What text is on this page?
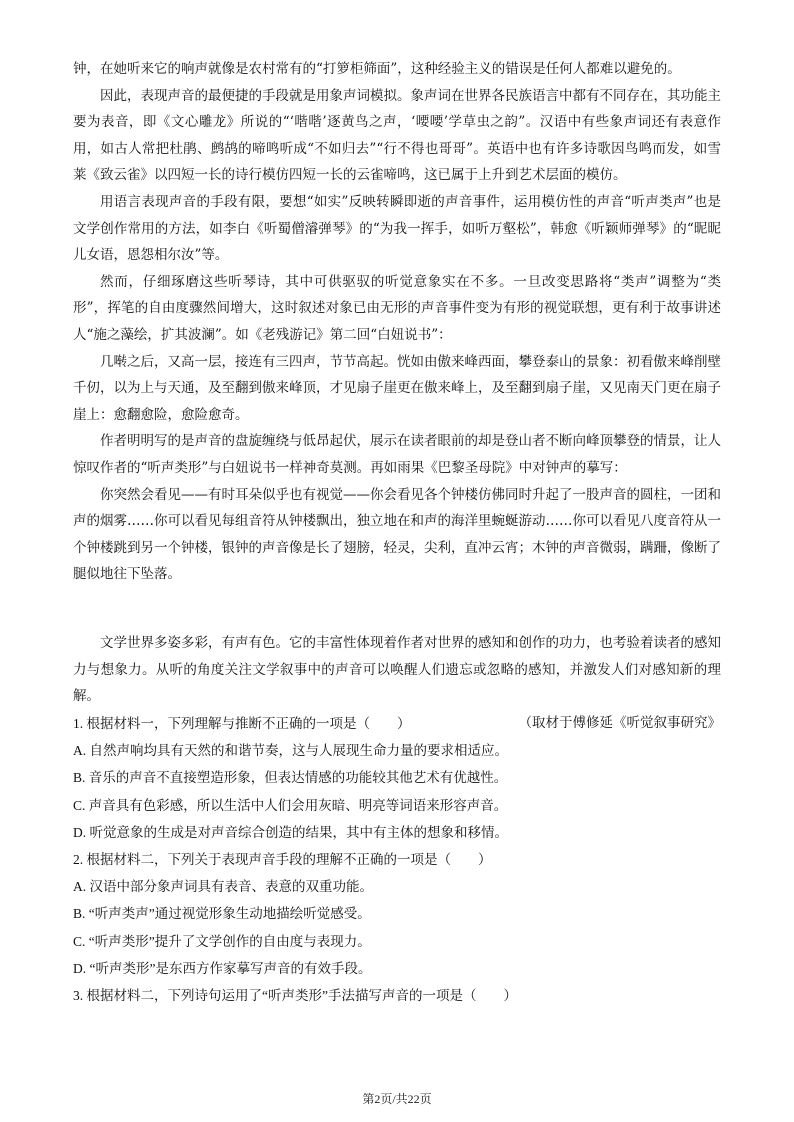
钟，在她听来它的响声就像是农村常有的“打箩柜筛面”，这种经验主义的错误是任何人都难以避免的。

因此，表现声音的最便捷的手段就是用象声词模拟。象声词在世界各民族语言中都有不同存在，其功能主要为表音，即《文心雕龙》所说的“‘喈喈’逐黄鸟之声，‘喓喓’学草虫之韵”。汉语中有些象声词还有表意作用，如古人常把杜鹃、鹧鸪的啼鸣听成“不如归去”“行不得也哥哥”。英语中也有许多诗歌因鸟鸣而发，如雪莱《致云雀》以四短一长的诗行模仿四短一长的云雀啼鸣，这已属于上升到艺术层面的模仿。

用语言表现声音的手段有限，要想“如实”反映转瞬即逝的声音事件，运用模仿性的声音“听声类声”也是文学创作常用的方法，如李白《听蜀僧濬弹琴》的“为我一挥手，如听万壑松”，韩愈《听颖师弹琴》的“昵昵儿女语，恩怨相尔汝”等。

然而，仔细琢磨这些听琴诗，其中可供驱驭的听觉意象实在不多。一旦改变思路将“类声”调整为“类形”，挥笔的自由度骤然间增大，这时叙述对象已由无形的声音事件变为有形的视觉联想，更有利于故事讲述人“施之藻绘，扩其波澜”。如《老残游记》第二回“白妞说书”：

几啭之后，又高一层，接连有三四声，节节高起。恍如由傲来峰西面，攀登泰山的景象：初看傲来峰削壁千仞，以为上与天通，及至翻到傲来峰顶，才见扇子崖更在傲来峰上，及至翻到扇子崖，又见南天门更在扇子崖上：愈翻愈险，愈险愈奇。

作者明明写的是声音的盘旋缠绕与低昂起伏，展示在读者眼前的却是登山者不断向峰顶攀登的情景，让人惊叹作者的“听声类形”与白妞说书一样神奇莫测。再如雨果《巴黎圣母院》中对钟声的摹写：

你突然会看见——有时耳朵似乎也有视觉——你会看见各个钟楼仿佛同时升起了一股声音的圆柱，一团和声的烟雾……你可以看见每组音符从钟楼飘出，独立地在和声的海洋里蜿蜒游动……你可以看见八度音符从一个钟楼跳到另一个钟楼，银钟的声音像是长了翅膀，轻灵，尖利，直冲云宵；木钟的声音微弱，蹒跚，像断了腿似地往下坠落。

文学世界多姿多彩，有声有色。它的丰富性体现着作者对世界的感知和创作的功力，也考验着读者的感知力与想象力。从听的角度关注文学叙事中的声音可以唤醒人们遗忘或忽略的感知，并激发人们对感知新的理解。

（取材于傅修延《听觉叙事研究》

1. 根据材料一，下列理解与推断不正确的一项是（　　）

A. 自然声响均具有天然的和谐节奏，这与人展现生命力量的要求相适应。

B. 音乐的声音不直接塑造形象，但表达情感的功能较其他艺术有优越性。

C. 声音具有色彩感，所以生活中人们会用灰暗、明亮等词语来形容声音。

D. 听觉意象的生成是对声音综合创造的结果，其中有主体的想象和移情。

2. 根据材料二，下列关于表现声音手段的理解不正确的一项是（　　）

A. 汉语中部分象声词具有表音、表意的双重功能。

B. “听声类声”通过视觉形象生动地描绘听觉感受。

C. “听声类形”提升了文学创作的自由度与表现力。

D. “听声类形”是东西方作家摹写声音的有效手段。

3. 根据材料二，下列诗句运用了“听声类形”手法描写声音的一项是（　　）

第2页/共22页
